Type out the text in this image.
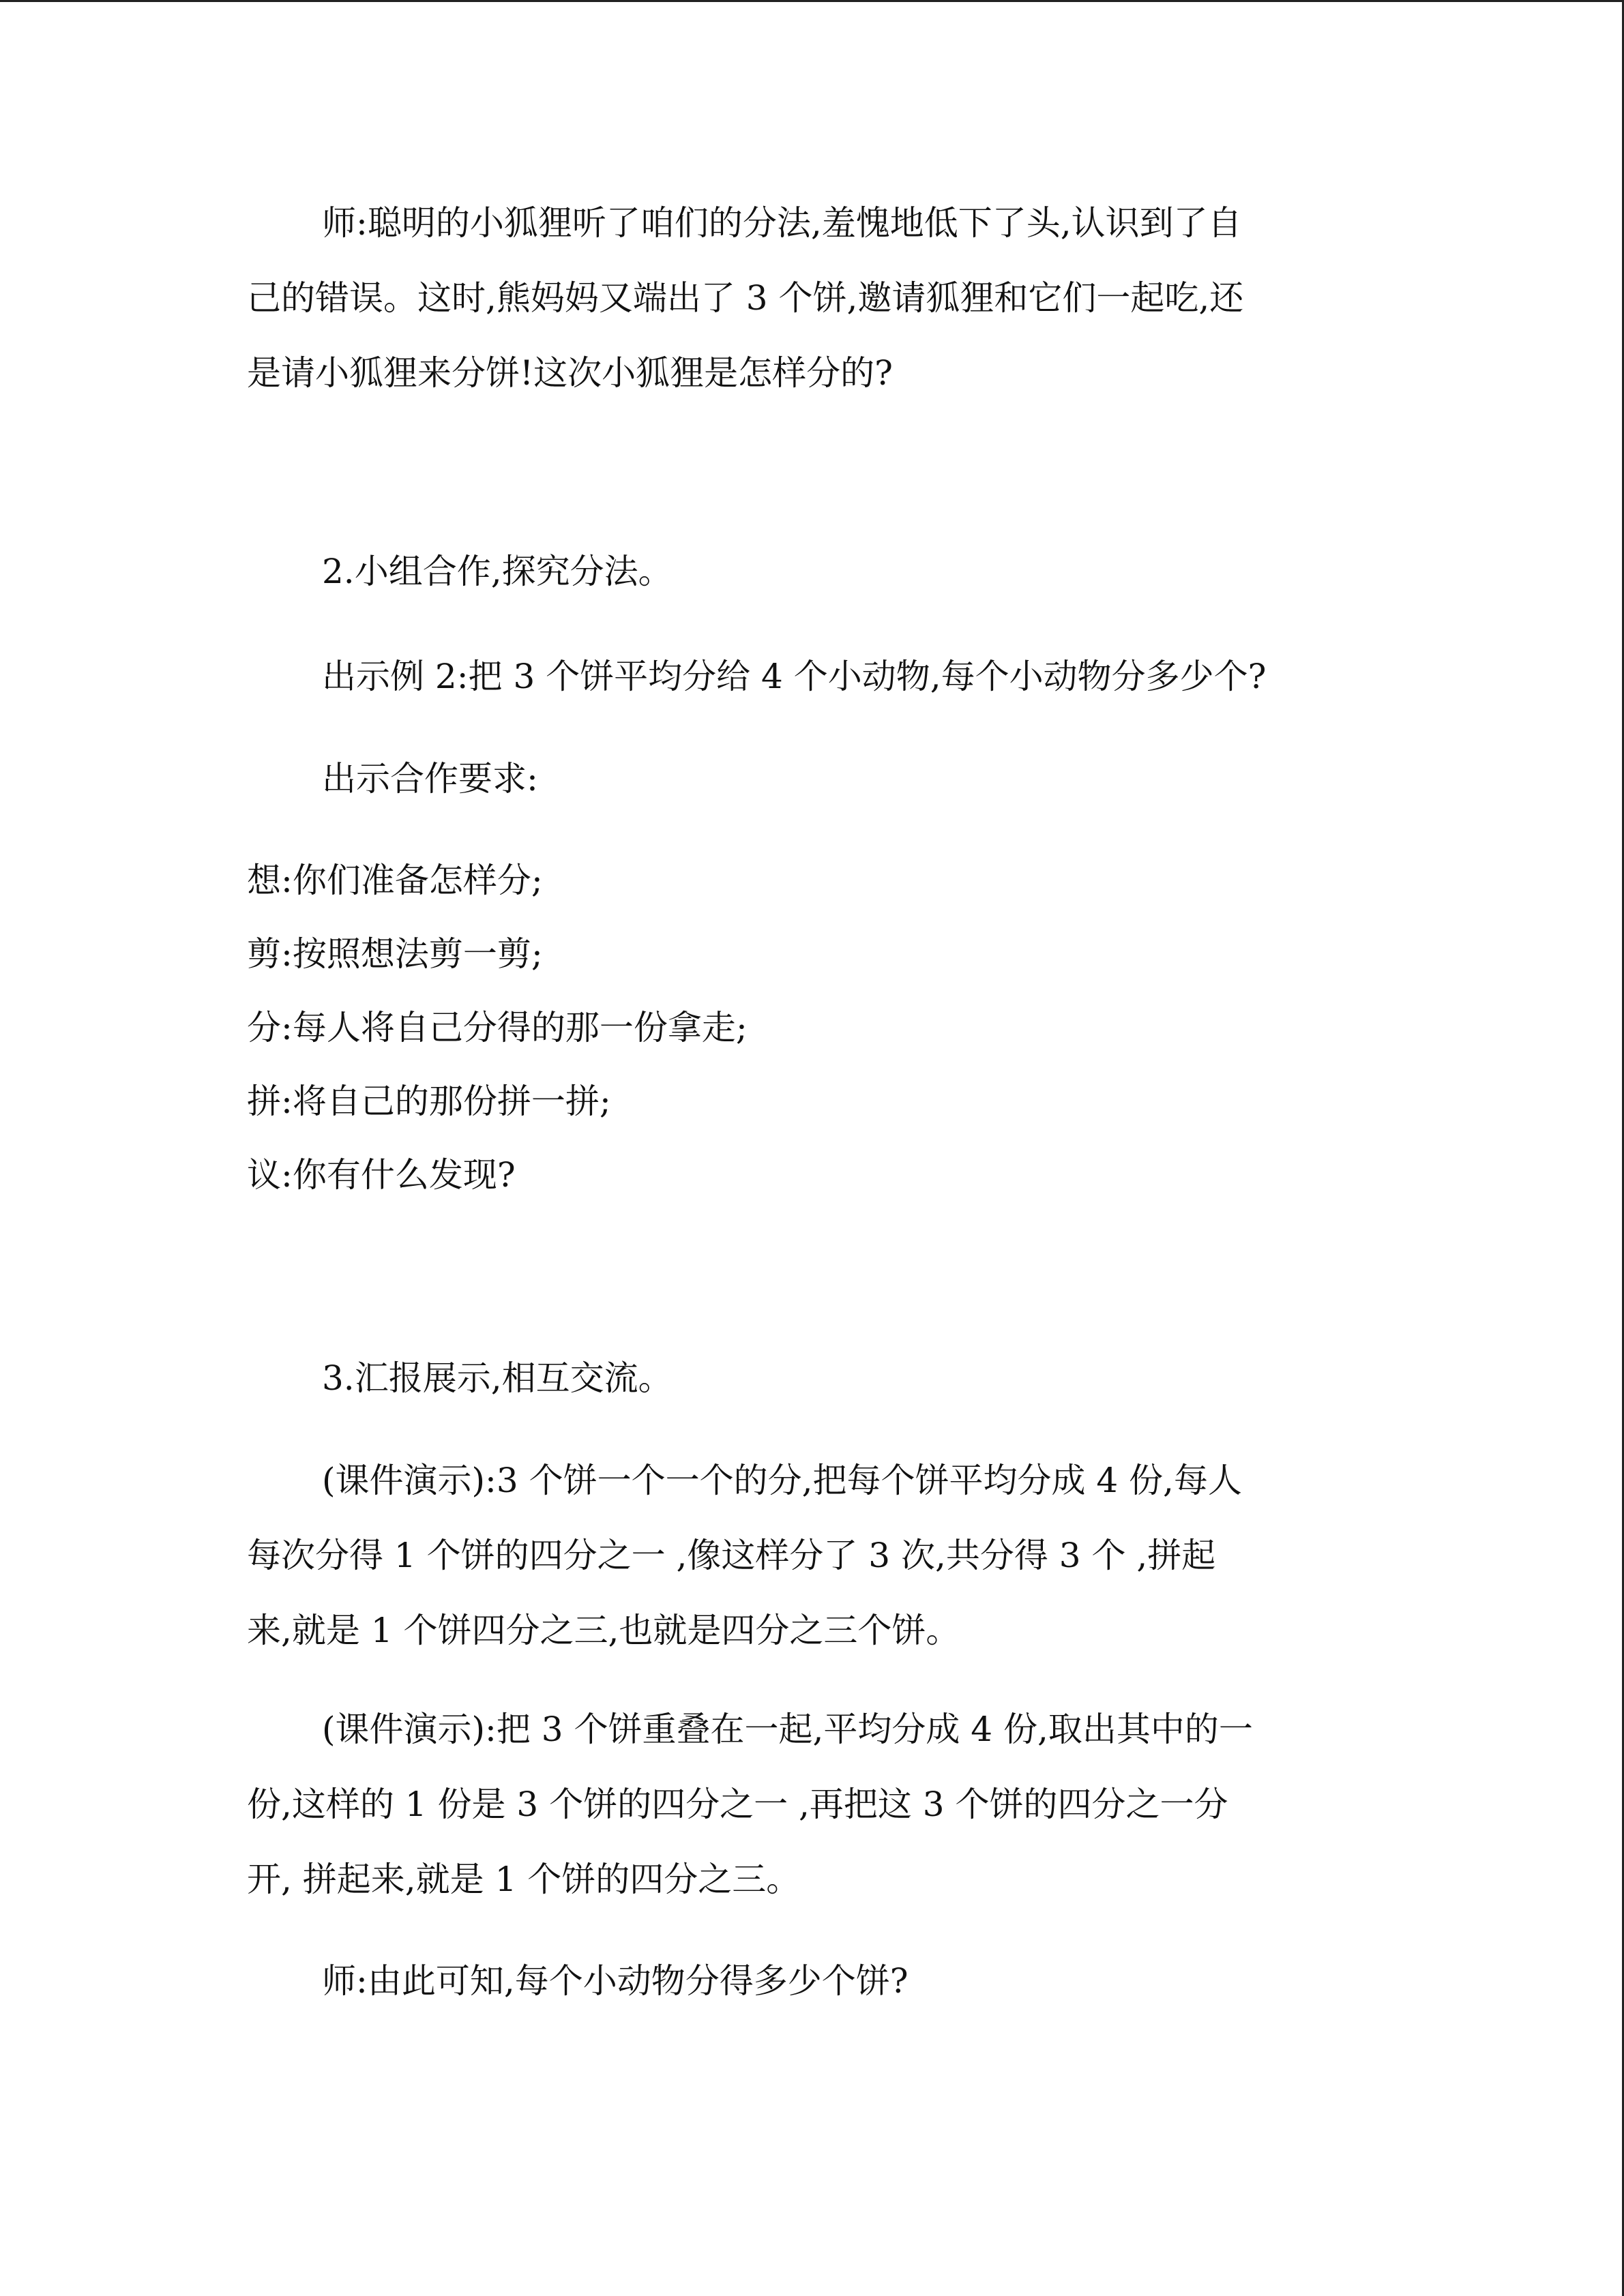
师:聪明的小狐狸听了咱们的分法,羞愧地低下了头,认识到了自

己的错误。这时,熊妈妈又端出了 3 个饼,邀请狐狸和它们一起吃,还

是请小狐狸来分饼!这次小狐狸是怎样分的?

2.小组合作,探究分法。

出示例 2:把 3 个饼平均分给 4 个小动物,每个小动物分多少个?

出示合作要求:

想:你们准备怎样分;

剪:按照想法剪一剪;

分:每人将自己分得的那一份拿走;

拼:将自己的那份拼一拼;

议:你有什么发现?

3.汇报展示,相互交流。

(课件演示):3 个饼一个一个的分,把每个饼平均分成 4 份,每人

每次分得 1 个饼的四分之一 ,像这样分了 3 次,共分得 3 个 ,拼起

来,就是 1 个饼四分之三,也就是四分之三个饼。

(课件演示):把 3 个饼重叠在一起,平均分成 4 份,取出其中的一

份,这样的 1 份是 3 个饼的四分之一 ,再把这 3 个饼的四分之一分

开, 拼起来,就是 1 个饼的四分之三。

师:由此可知,每个小动物分得多少个饼?
